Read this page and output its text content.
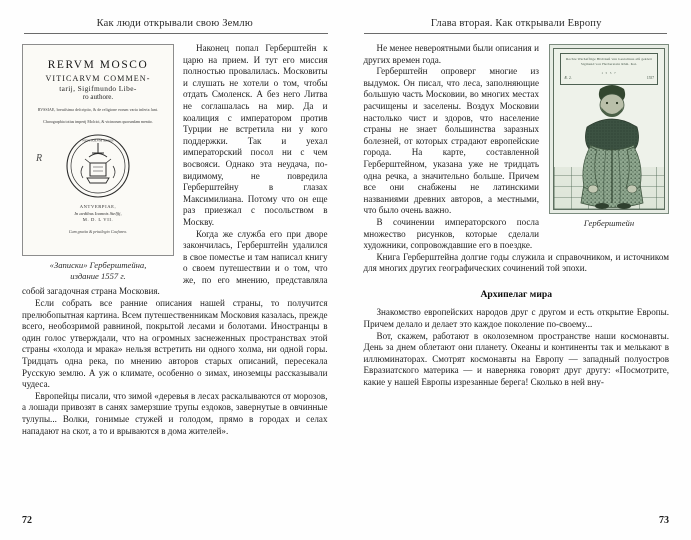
Как люди открывали свою Землю
RERVM MOSCO
VITICARVM COMMEN-
tarij, Sigifmundo Libe-
ro authore.
RVSSIAE, breuiſsima deſcriptio, & de religione eorum varia inſerta ſunt.
Chorographia totius imperij Moſcici, & vicinorum quorundam mentio.
R
NON SOLVM ARMIS
ANTVERPIAE,
In aedibus Ioannis Stelſij,
M. D. L VII.
Cum gratia & priuilegio Caeſareo.
«Записки» Герберштейна,
издание 1557 г.

Наконец попал Герберштейн к царю на прием. И тут его миссия полностью провалилась. Московиты и слушать не хотели о том, чтобы отдать Смоленск. А без него Литва не соглашалась на мир. Да и коалиция с императором против Турции не встретила ни у кого поддержки. Так и уехал императорский посол ни с чем восвояси. Однако эта неудача, по-видимому, не повредила Герберштейну в глазах Максимилиана. Потому что он еще раз приезжал с посольством в Москву.

Когда же служба его при дворе закончилась, Герберштейн удалился в свое поместье и там написал книгу о своем путешествии и о том, что же, по его мнению, представляла собой загадочная страна Московия.

Если собрать все ранние описания нашей страны, то получится прелюбопытная картина. Всем путешественникам Московия казалась, прежде всего, необозримой равниной, покрытой лесами и болотами. Иностранцы в один голос утверждали, что на огромных заснеженных пространствах этой страны «холода и мрака» нельзя встретить ни одного холма, ни одной горы. Тридцать одна река, по мнению авторов старых описаний, пересекала Русскую землю. А уж о климате, особенно о зимах, иноземцы рассказывали чудеса.

Европейцы писали, что зимой «деревья в лесах раскалываются от морозов, а лошади привозят в санях замерзшие трупы ездоков, завернутые в овчинные тулупы... Волки, гонимые стужей и голодом, прямо в городах и селах нападают на скот, а то и врываются в дома жителей».

72
Глава вторая. Как открывали Европу
Rechte Warhafftige Bildtnuß vnn Gestaltnus alß gekleit
Sigmund von Herberstain Röm. Kai.
1 5 5 7
Æ. 2.	1557
Герберштейн

Не менее невероятными были описания и других времен года.

Герберштейн опроверг многие из выдумок. Он писал, что леса, заполняющие большую часть Московии, во многих местах расчищены и заселены. Воздух Московии настолько чист и здоров, что население страны не знает большинства заразных болезней, от которых страдают европейские города. На карте, составленной Герберштейном, указана уже не тридцать одна речка, а значительно больше. Причем все они снабжены не латинскими названиями древних авторов, а местными, что было очень важно.

В сочинении императорского посла множество рисунков, которые сделали художники, сопровождавшие его в поездке.

Книга Герберштейна долгие годы служила и справочником, и источником для многих других географических сочинений той эпохи.

Архипелаг мира

Знакомство европейских народов друг с другом и есть открытие Европы. Причем делало и делает это каждое поколение по-своему...

Вот, скажем, работают в околоземном пространстве наши космонавты. День за днем облетают они планету. Океаны и континенты так и мелькают в иллюминаторах. Смотрят космонавты на Европу — западный полуостров Евразиатского материка — и наверняка говорят друг другу: «Посмотрите, какие у нашей Европы изрезанные берега! Сколько в ней вну-

73
